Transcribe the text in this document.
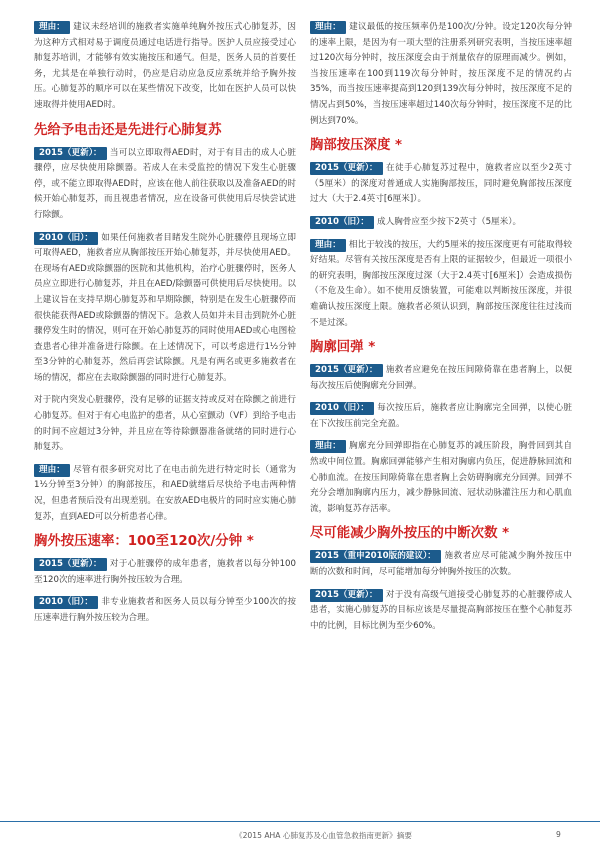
理由： 建议未经培训的施救者实施单纯胸外按压式心肺复苏，因为这种方式相对易于调度员通过电话进行指导。医护人员应接受过心肺复苏培训，才能够有效实施按压和通气。但是，医务人员的首要任务，尤其是在单独行动时，仍应是启动应急反应系统并给予胸外按压。心肺复苏的顺序可以在某些情况下改变，比如在医护人员可以快速取得并使用AED时。

先给予电击还是先进行心肺复苏

2015（更新）： 当可以立即取得AED时，对于有目击的成人心脏骤停，应尽快使用除颤器。若成人在未受监控的情况下发生心脏骤停，或不能立即取得AED时，应该在他人前往获取以及准备AED的时候开始心肺复苏，而且视患者情况，应在设备可供使用后尽快尝试进行除颤。

2010（旧）： 如果任何施救者目睹发生院外心脏骤停且现场立即可取得AED，施救者应从胸部按压开始心肺复苏，并尽快使用AED。在现场有AED或除颤器的医院和其他机构，治疗心脏骤停时，医务人员应立即进行心肺复苏，并且在AED/除颤器可供使用后尽快使用。以上建议旨在支持早期心肺复苏和早期除颤，特别是在发生心脏骤停而很快能获得AED或除颤器的情况下。急救人员如并未目击到院外心脏骤停发生时的情况，则可在开始心肺复苏的同时使用AED或心电图检查患者心律并准备进行除颤。在上述情况下，可以考虑进行1½分钟至3分钟的心肺复苏，然后再尝试除颤。凡是有两名或更多施救者在场的情况，都应在去取除颤器的同时进行心肺复苏。

对于院内突发心脏骤停，没有足够的证据支持或反对在除颤之前进行心肺复苏。但对于有心电监护的患者，从心室颤动（VF）到给予电击的时间不应超过3分钟，并且应在等待除颤器准备就绪的同时进行心肺复苏。

理由： 尽管有很多研究对比了在电击前先进行特定时长（通常为1½分钟至3分钟）的胸部按压，和AED就绪后尽快给予电击两种情况，但患者预后没有出现差别。在安放AED电极片的同时应实施心肺复苏，直到AED可以分析患者心律。

胸外按压速率：100至120次/分钟 *

2015（更新）： 对于心脏骤停的成年患者，施救者以每分钟100至120次的速率进行胸外按压较为合理。

2010（旧）： 非专业施救者和医务人员以每分钟至少100次的按压速率进行胸外按压较为合理。

理由： 建议最低的按压频率仍是100次/分钟。设定120次每分钟的速率上限，是因为有一项大型的注册系列研究表明，当按压速率超过120次每分钟时，按压深度会由于剂量依存的原理而减少。例如，当按压速率在100到119次每分钟时，按压深度不足的情况约占35%，而当按压速率提高到120到139次每分钟时，按压深度不足的情况占到50%，当按压速率超过140次每分钟时，按压深度不足的比例达到70%。

胸部按压深度 *

2015（更新）： 在徒手心肺复苏过程中，施救者应以至少2英寸（5厘米）的深度对普通成人实施胸部按压，同时避免胸部按压深度过大（大于2.4英寸[6厘米]）。

2010（旧）： 成人胸骨应至少按下2英寸（5厘米）。

理由： 相比于较浅的按压，大约5厘米的按压深度更有可能取得较好结果。尽管有关按压深度是否有上限的证据较少，但最近一项很小的研究表明，胸部按压深度过深（大于2.4英寸[6厘米]）会造成损伤（不危及生命）。如不使用反馈装置，可能难以判断按压深度，并很难确认按压深度上限。施救者必须认识到，胸部按压深度往往过浅而不是过深。

胸廓回弹 *

2015（更新）： 施救者应避免在按压间隙倚靠在患者胸上，以便每次按压后使胸廓充分回弹。

2010（旧）： 每次按压后，施救者应让胸廓完全回弹，以使心脏在下次按压前完全充盈。

理由： 胸廓充分回弹即指在心肺复苏的减压阶段，胸骨回到其自然或中间位置。胸廓回弹能够产生相对胸廓内负压，促进静脉回流和心肺血流。在按压间隙倚靠在患者胸上会妨碍胸廓充分回弹。回弹不充分会增加胸廓内压力，减少静脉回流、冠状动脉灌注压力和心肌血流，影响复苏存活率。

尽可能减少胸外按压的中断次数 *

2015（重申2010版的建议）： 施救者应尽可能减少胸外按压中断的次数和时间，尽可能增加每分钟胸外按压的次数。

2015（更新）： 对于没有高级气道接受心肺复苏的心脏骤停成人患者，实施心肺复苏的目标应该是尽量提高胸部按压在整个心肺复苏中的比例，目标比例为至少60%。

《2015 AHA 心肺复苏及心血管急救指南更新》摘要	9
